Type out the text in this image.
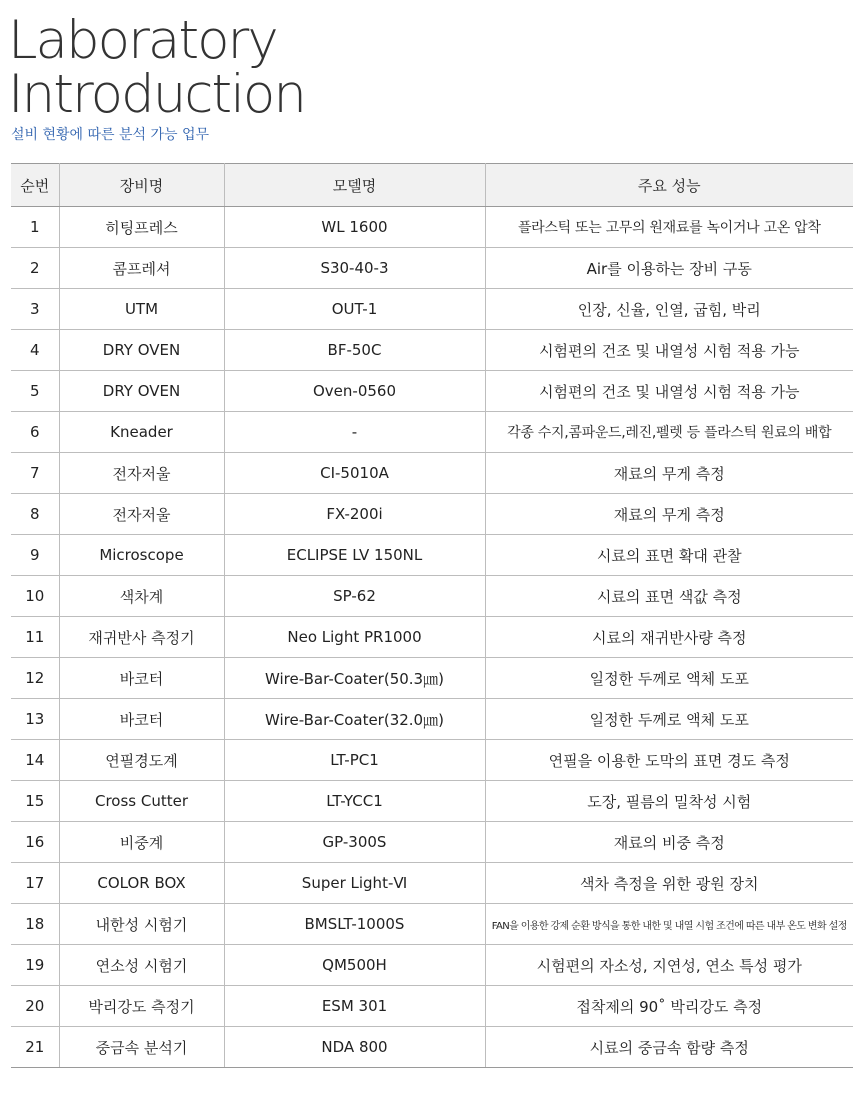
Laboratory
Introduction
설비 현황에 따른 분석 가능 업무
순번	장비명	모델명	주요 성능
1	히팅프레스	WL 1600	플라스틱 또는 고무의 원재료를 녹이거나 고온 압착
2	콤프레셔	S30-40-3	Air를 이용하는 장비 구동
3	UTM	OUT-1	인장, 신율, 인열, 굽힘, 박리
4	DRY OVEN	BF-50C	시험편의 건조 및 내열성 시험 적용 가능
5	DRY OVEN	Oven-0560	시험편의 건조 및 내열성 시험 적용 가능
6	Kneader	-	각종 수지,콤파운드,레진,펠렛 등 플라스틱 원료의 배합
7	전자저울	CI-5010A	재료의 무게 측정
8	전자저울	FX-200i	재료의 무게 측정
9	Microscope	ECLIPSE LV 150NL	시료의 표면 확대 관찰
10	색차계	SP-62	시료의 표면 색값 측정
11	재귀반사 측정기	Neo Light PR1000	시료의 재귀반사량 측정
12	바코터	Wire-Bar-Coater(50.3㎛)	일정한 두께로 액체 도포
13	바코터	Wire-Bar-Coater(32.0㎛)	일정한 두께로 액체 도포
14	연필경도계	LT-PC1	연필을 이용한 도막의 표면 경도 측정
15	Cross Cutter	LT-YCC1	도장, 필름의 밀착성 시험
16	비중계	GP-300S	재료의 비중 측정
17	COLOR BOX	Super Light-Ⅵ	색차 측정을 위한 광원 장치
18	내한성 시험기	BMSLT-1000S	FAN을 이용한 강제 순환 방식을 통한 내한 및 내열 시험 조건에 따른 내부 온도 변화 설정
19	연소성 시험기	QM500H	시험편의 자소성, 지연성, 연소 특성 평가
20	박리강도 측정기	ESM 301	접착제의 90˚ 박리강도 측정
21	중금속 분석기	NDA 800	시료의 중금속 함량 측정
